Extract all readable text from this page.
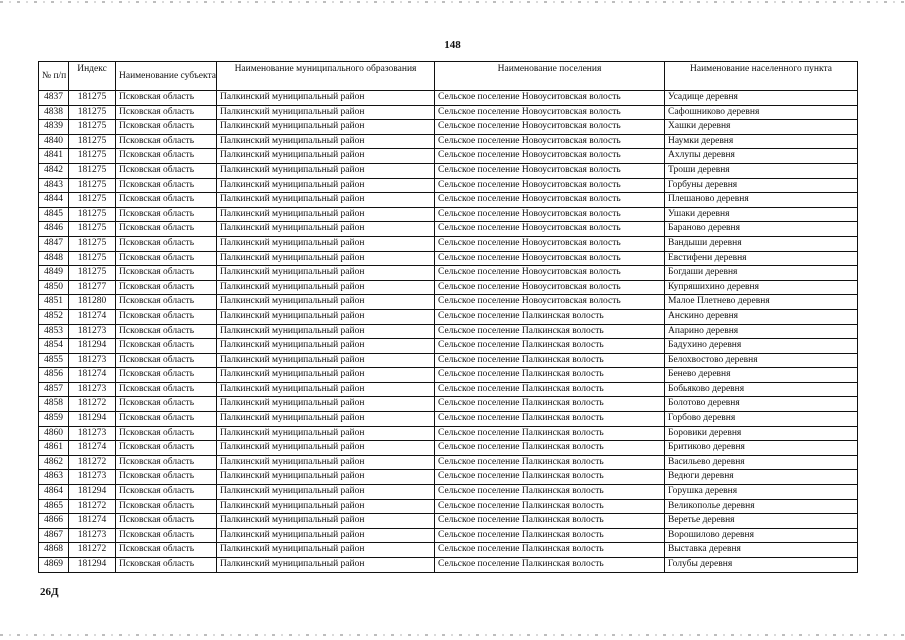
148
№ п/п	Индекс	Наименование субъекта	Наименование муниципального образования	Наименование поселения	Наименование населенного пункта
4837	181275	Псковская область	Палкинский муниципальный район	Сельское поселение Новоуситовская волость	Усадище деревня
4838	181275	Псковская область	Палкинский муниципальный район	Сельское поселение Новоуситовская волость	Сафошниково деревня
4839	181275	Псковская область	Палкинский муниципальный район	Сельское поселение Новоуситовская волость	Хашки деревня
4840	181275	Псковская область	Палкинский муниципальный район	Сельское поселение Новоуситовская волость	Наумки деревня
4841	181275	Псковская область	Палкинский муниципальный район	Сельское поселение Новоуситовская волость	Ахлупы деревня
4842	181275	Псковская область	Палкинский муниципальный район	Сельское поселение Новоуситовская волость	Троши деревня
4843	181275	Псковская область	Палкинский муниципальный район	Сельское поселение Новоуситовская волость	Горбуны деревня
4844	181275	Псковская область	Палкинский муниципальный район	Сельское поселение Новоуситовская волость	Плешаново деревня
4845	181275	Псковская область	Палкинский муниципальный район	Сельское поселение Новоуситовская волость	Ушаки деревня
4846	181275	Псковская область	Палкинский муниципальный район	Сельское поселение Новоуситовская волость	Бараново деревня
4847	181275	Псковская область	Палкинский муниципальный район	Сельское поселение Новоуситовская волость	Вандыши деревня
4848	181275	Псковская область	Палкинский муниципальный район	Сельское поселение Новоуситовская волость	Евстифени деревня
4849	181275	Псковская область	Палкинский муниципальный район	Сельское поселение Новоуситовская волость	Богдаши деревня
4850	181277	Псковская область	Палкинский муниципальный район	Сельское поселение Новоуситовская волость	Купряшихино деревня
4851	181280	Псковская область	Палкинский муниципальный район	Сельское поселение Новоуситовская волость	Малое Плетнево деревня
4852	181274	Псковская область	Палкинский муниципальный район	Сельское поселение Палкинская волость	Анскино деревня
4853	181273	Псковская область	Палкинский муниципальный район	Сельское поселение Палкинская волость	Апарино деревня
4854	181294	Псковская область	Палкинский муниципальный район	Сельское поселение Палкинская волость	Бадухино деревня
4855	181273	Псковская область	Палкинский муниципальный район	Сельское поселение Палкинская волость	Белохвостово деревня
4856	181274	Псковская область	Палкинский муниципальный район	Сельское поселение Палкинская волость	Бенево деревня
4857	181273	Псковская область	Палкинский муниципальный район	Сельское поселение Палкинская волость	Бобьяково деревня
4858	181272	Псковская область	Палкинский муниципальный район	Сельское поселение Палкинская волость	Болотово деревня
4859	181294	Псковская область	Палкинский муниципальный район	Сельское поселение Палкинская волость	Горбово деревня
4860	181273	Псковская область	Палкинский муниципальный район	Сельское поселение Палкинская волость	Боровики деревня
4861	181274	Псковская область	Палкинский муниципальный район	Сельское поселение Палкинская волость	Бритиково деревня
4862	181272	Псковская область	Палкинский муниципальный район	Сельское поселение Палкинская волость	Васильево деревня
4863	181273	Псковская область	Палкинский муниципальный район	Сельское поселение Палкинская волость	Ведюги деревня
4864	181294	Псковская область	Палкинский муниципальный район	Сельское поселение Палкинская волость	Горушка деревня
4865	181272	Псковская область	Палкинский муниципальный район	Сельское поселение Палкинская волость	Великополье деревня
4866	181274	Псковская область	Палкинский муниципальный район	Сельское поселение Палкинская волость	Веретье деревня
4867	181273	Псковская область	Палкинский муниципальный район	Сельское поселение Палкинская волость	Ворошилово деревня
4868	181272	Псковская область	Палкинский муниципальный район	Сельское поселение Палкинская волость	Выставка деревня
4869	181294	Псковская область	Палкинский муниципальный район	Сельское поселение Палкинская волость	Голубы деревня
26Д
